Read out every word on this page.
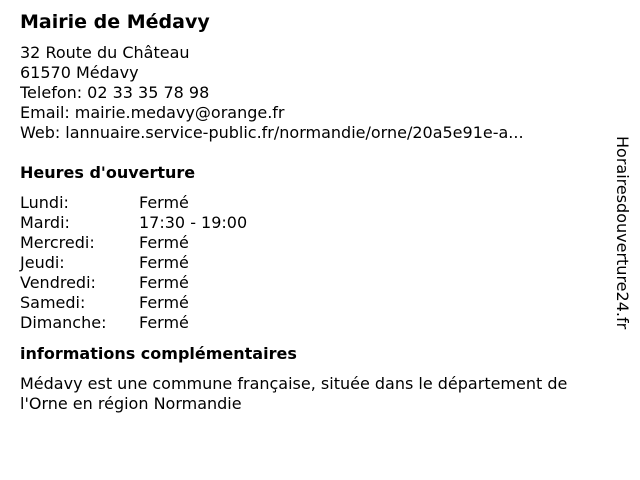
Mairie de Médavy
32 Route du Château
61570 Médavy
Telefon: 02 33 35 78 98
Email: mairie.medavy@orange.fr
Web: lannuaire.service-public.fr/normandie/orne/20a5e91e-a...
Heures d'ouverture
Lundi:	Fermé
Mardi:	17:30 - 19:00
Mercredi:	Fermé
Jeudi:	Fermé
Vendredi:	Fermé
Samedi:	Fermé
Dimanche: Fermé
informations complémentaires
Médavy est une commune française, située dans le département de l'Orne en région Normandie
Horairesdouverture24.fr
